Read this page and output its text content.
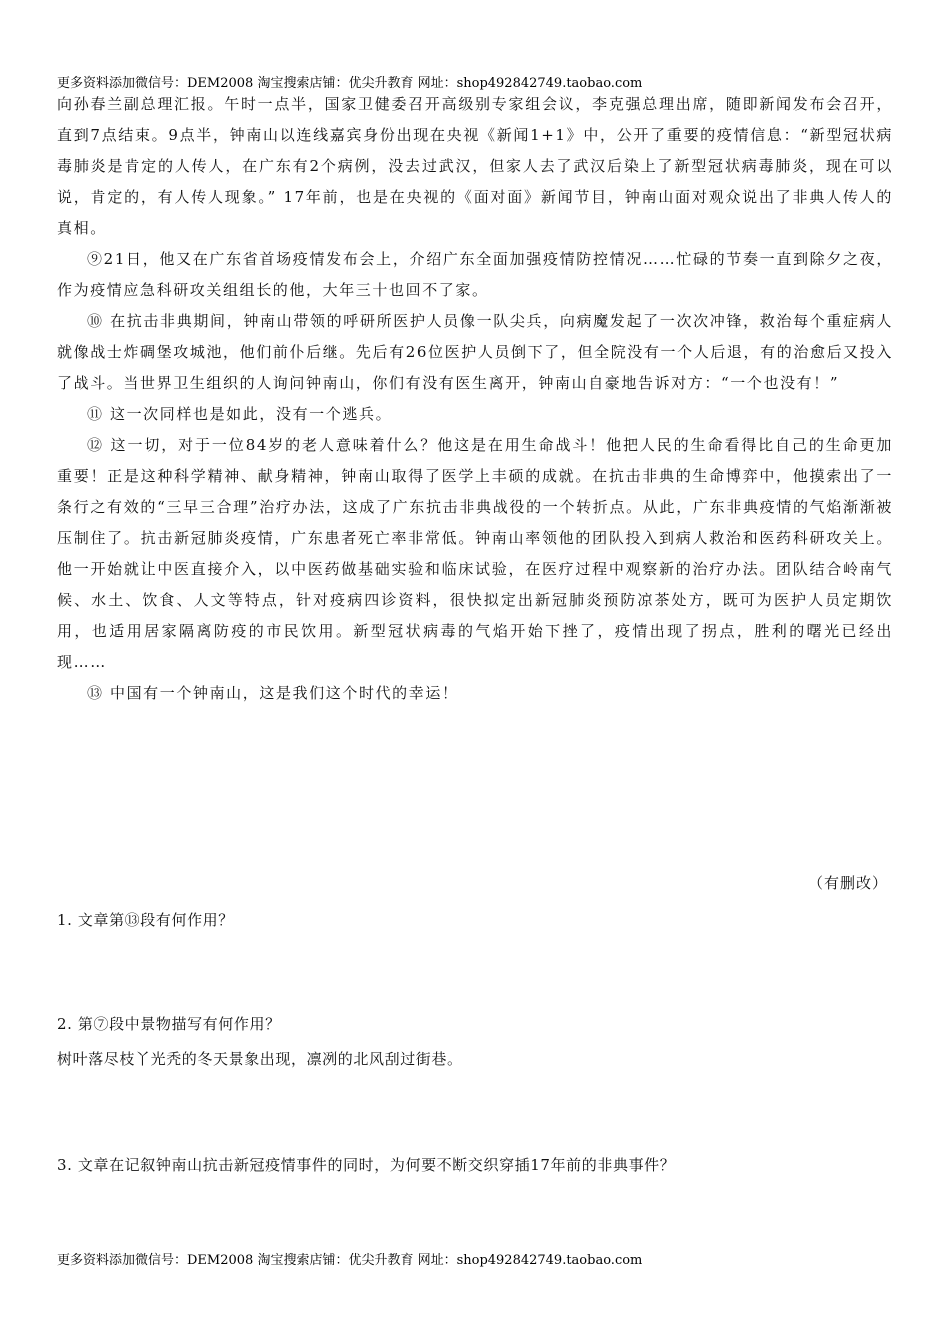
更多资料添加微信号：DEM2008 淘宝搜索店铺：优尖升教育 网址：shop492842749.taobao.com

向孙春兰副总理汇报。午时一点半，国家卫健委召开高级别专家组会议，李克强总理出席，随即新闻发布会召开，直到7点结束。9点半，钟南山以连线嘉宾身份出现在央视《新闻1+1》中，公开了重要的疫情信息：“新型冠状病毒肺炎是肯定的人传人，在广东有2个病例，没去过武汉，但家人去了武汉后染上了新型冠状病毒肺炎，现在可以说，肯定的，有人传人现象。” 17年前，也是在央视的《面对面》新闻节目，钟南山面对观众说出了非典人传人的真相。

⑨21日，他又在广东省首场疫情发布会上，介绍广东全面加强疫情防控情况……忙碌的节奏一直到除夕之夜，作为疫情应急科研攻关组组长的他，大年三十也回不了家。

⑩ 在抗击非典期间，钟南山带领的呼研所医护人员像一队尖兵，向病魔发起了一次次冲锋，救治每个重症病人就像战士炸碉堡攻城池，他们前仆后继。先后有26位医护人员倒下了，但全院没有一个人后退，有的治愈后又投入了战斗。当世界卫生组织的人询问钟南山，你们有没有医生离开，钟南山自豪地告诉对方：“一个也没有！”

⑪ 这一次同样也是如此，没有一个逃兵。

⑫ 这一切，对于一位84岁的老人意味着什么？他这是在用生命战斗！他把人民的生命看得比自己的生命更加重要！正是这种科学精神、献身精神，钟南山取得了医学上丰硕的成就。在抗击非典的生命博弈中，他摸索出了一条行之有效的“三早三合理”治疗办法，这成了广东抗击非典战役的一个转折点。从此，广东非典疫情的气焰渐渐被压制住了。抗击新冠肺炎疫情，广东患者死亡率非常低。钟南山率领他的团队投入到病人救治和医药科研攻关上。他一开始就让中医直接介入，以中医药做基础实验和临床试验，在医疗过程中观察新的治疗办法。团队结合岭南气候、水土、饮食、人文等特点，针对疫病四诊资料，很快拟定出新冠肺炎预防凉茶处方，既可为医护人员定期饮用，也适用居家隔离防疫的市民饮用。新型冠状病毒的气焰开始下挫了，疫情出现了拐点，胜利的曙光已经出现……

⑬ 中国有一个钟南山，这是我们这个时代的幸运！

（有删改）
1. 文章第⑬段有何作用？
2. 第⑦段中景物描写有何作用？
树叶落尽枝丫光秃的冬天景象出现，凛冽的北风刮过街巷。
3. 文章在记叙钟南山抗击新冠疫情事件的同时，为何要不断交织穿插17年前的非典事件？
更多资料添加微信号：DEM2008 淘宝搜索店铺：优尖升教育 网址：shop492842749.taobao.com
